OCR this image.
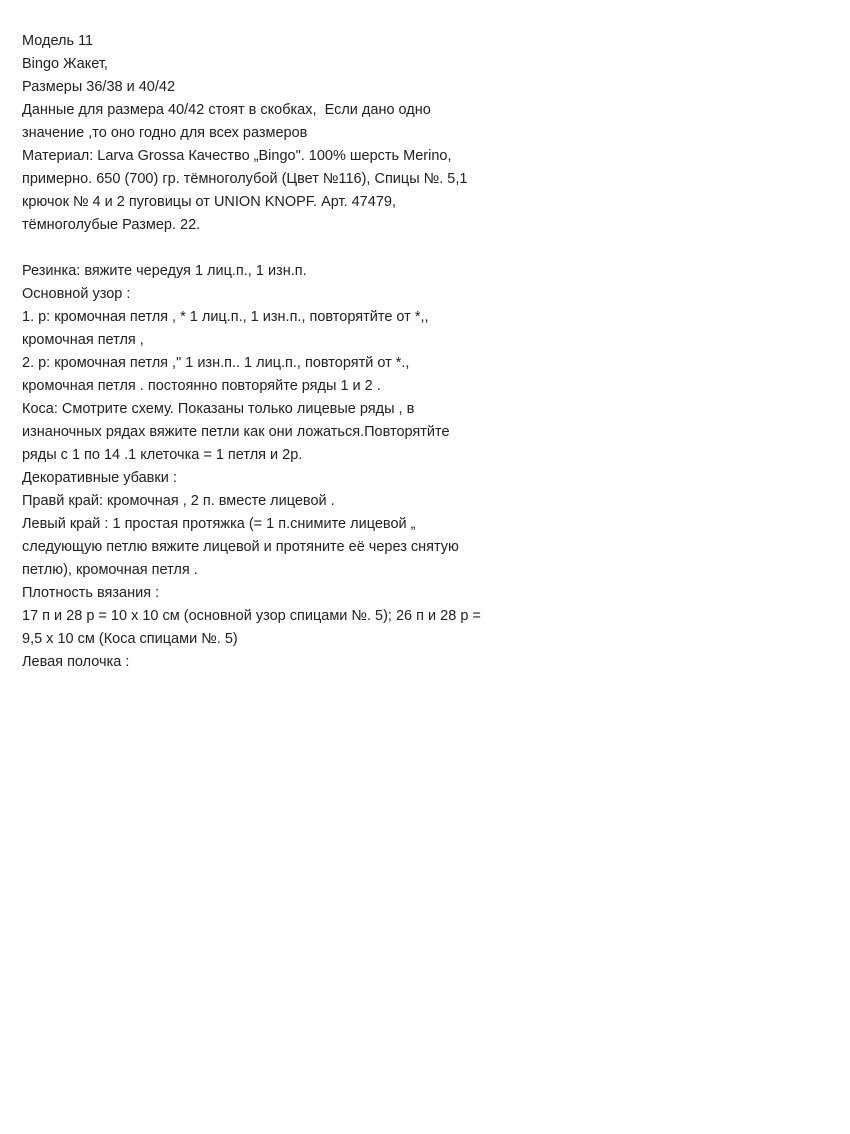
Модель 11
Bingo Жакет,
Размеры 36/38 и 40/42
Данные для размера 40/42 стоят в скобках,  Если дано одно
значение ,то оно годно для всех размеров
Материал: Larva Grossa Качество „Bingo". 100% шерсть Merino,
примерно. 650 (700) гр. тёмноголубой (Цвет №116), Спицы №. 5,1
крючок № 4 и 2 пуговицы от UNION KNOPF. Арт. 47479,
тёмноголубые Размер. 22.
Резинка: вяжите чередуя 1 лиц.п., 1 изн.п.
Основной узор :
1. р: кромочная петля , * 1 лиц.п., 1 изн.п., повторятйте от *,,
кромочная петля ,
2. р: кромочная петля ," 1 изн.п.. 1 лиц.п., повторятй от *.,
кромочная петля . постоянно повторяйте ряды 1 и 2 .
Коса: Смотрите схему. Показаны только лицевые ряды , в
изнаночных рядах вяжите петли как они ложаться.Повторятйте
ряды с 1 по 14 .1 клеточка = 1 петля и 2р.
Декоративные убавки :
Правй край: кромочная , 2 п. вместе лицевой .
Левый край : 1 простая протяжка (= 1 п.снимите лицевой „
следующую петлю вяжите лицевой и протяните её через снятую
петлю), кромочная петля .
Плотность вязания :
17 п и 28 р = 10 х 10 см (основной узор спицами №. 5); 26 п и 28 р =
9,5 х 10 см (Коса спицами №. 5)
Левая полочка :
